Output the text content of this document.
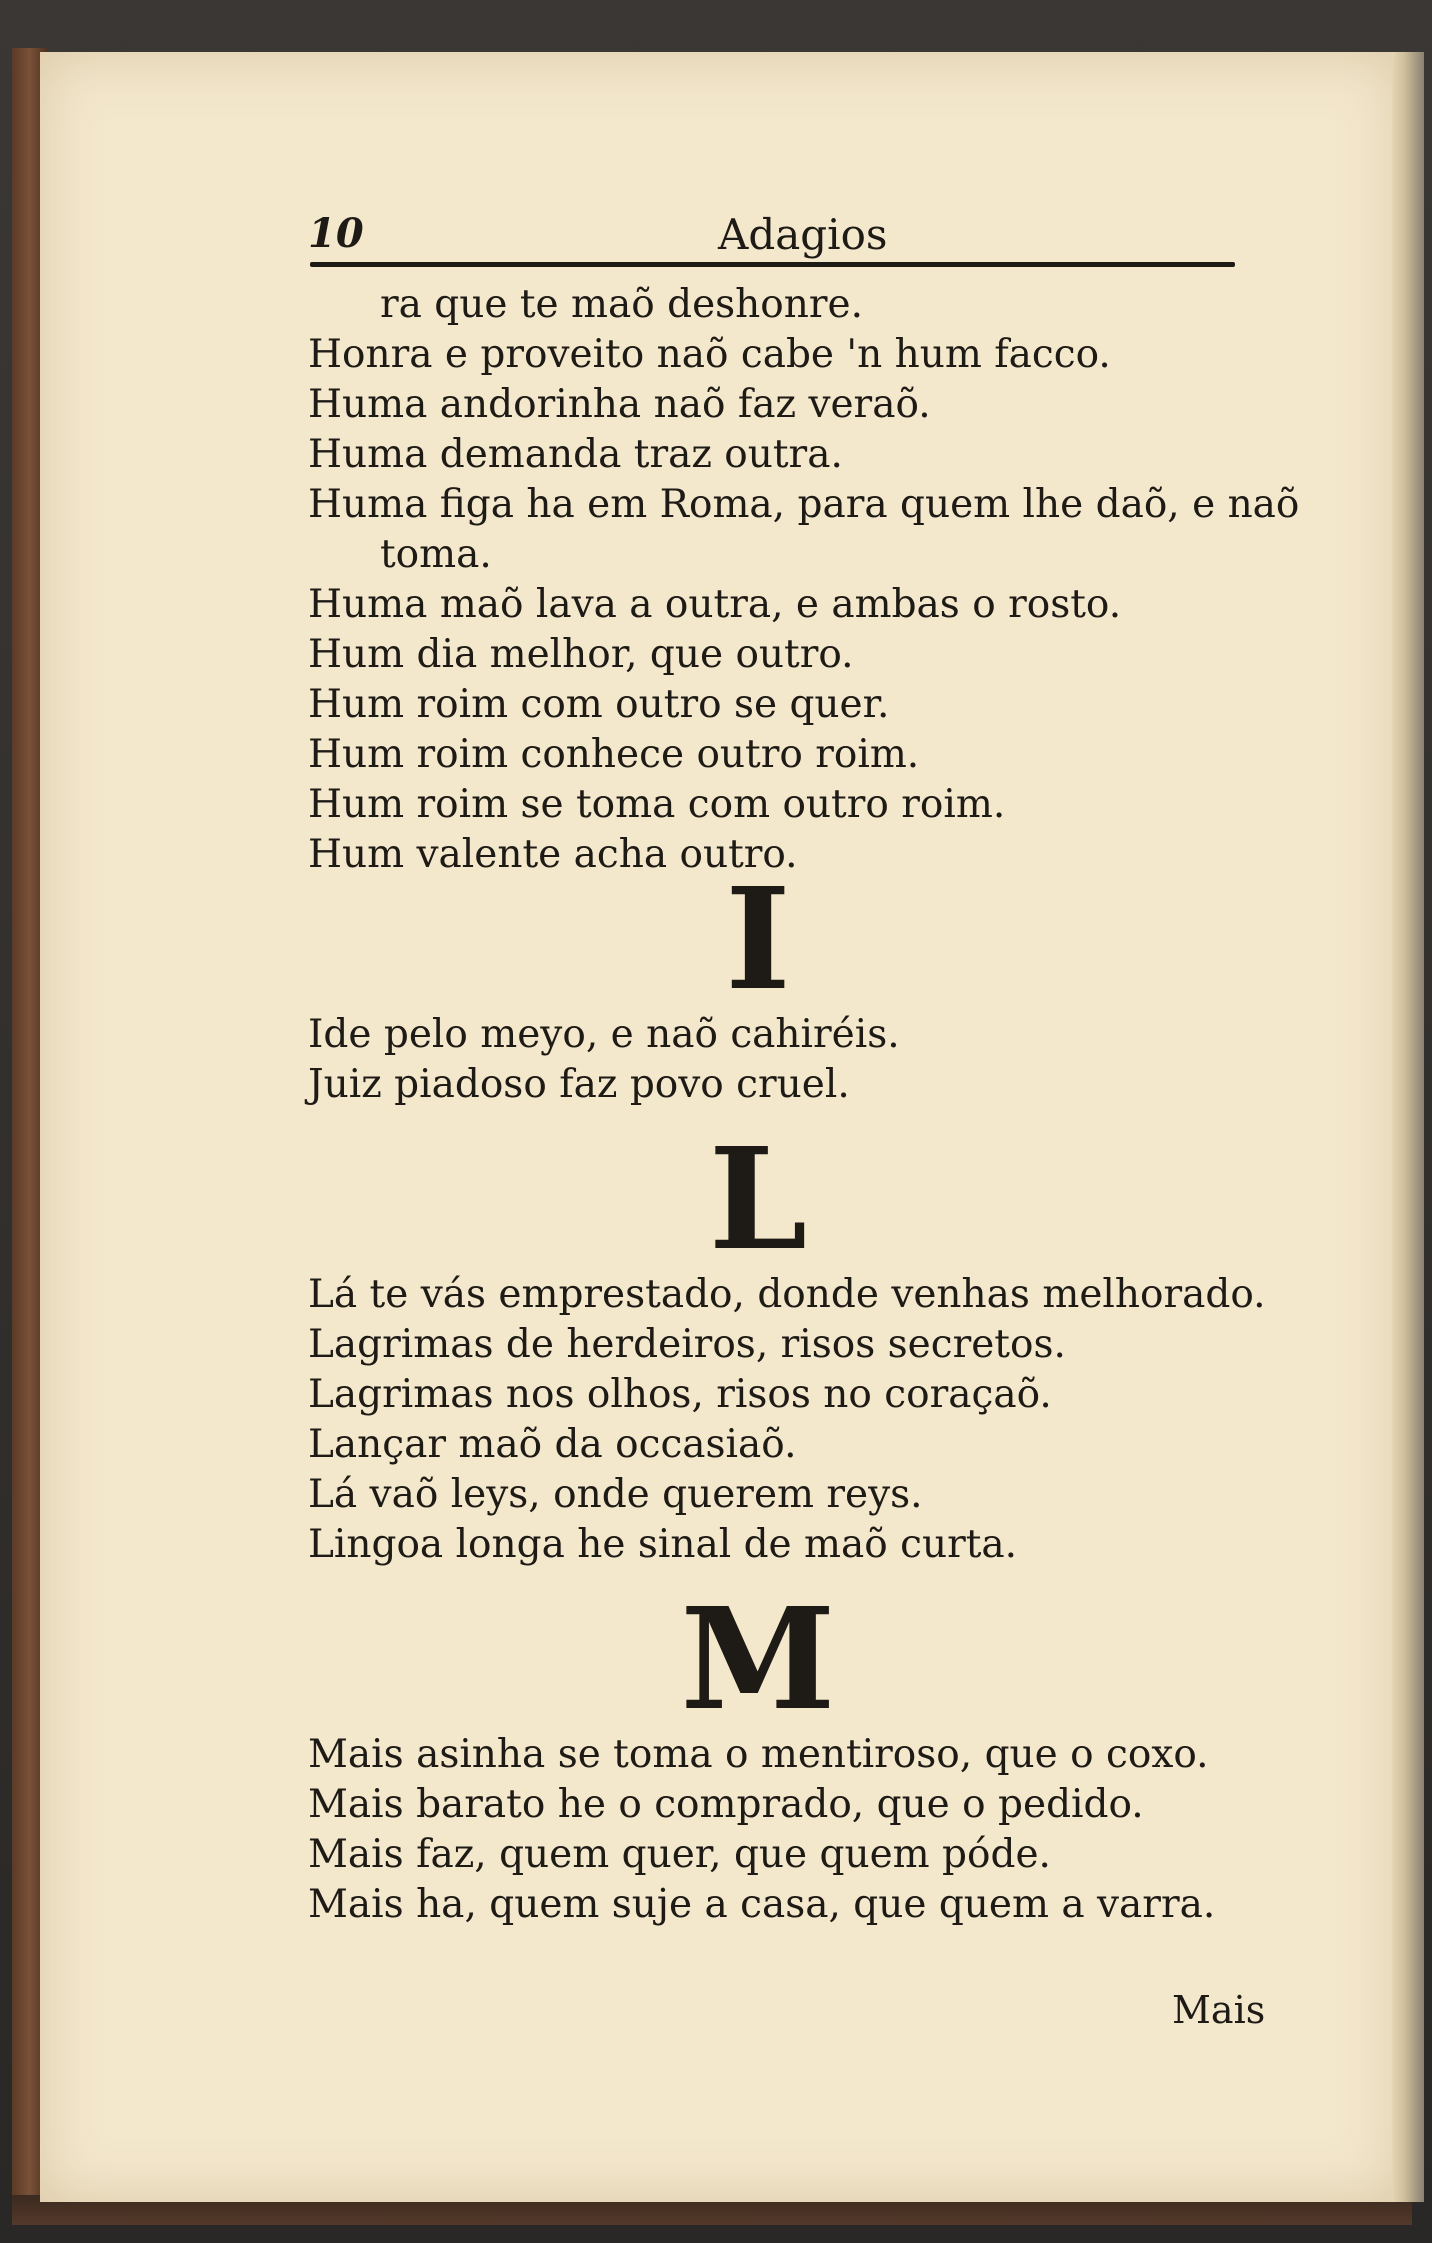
10	Adagios
ra que te maõ deshonre.
Honra e proveito naõ cabe 'n hum facco.
Huma andorinha naõ faz veraõ.
Huma demanda traz outra.
Huma figa ha em Roma, para quem lhe daõ, e naõ
toma.
Huma maõ lava a outra, e ambas o rosto.
Hum dia melhor, que outro.
Hum roim com outro se quer.
Hum roim conhece outro roim.
Hum roim se toma com outro roim.
Hum valente acha outro.
I
Ide pelo meyo, e naõ cahiréis.
Juiz piadoso faz povo cruel.
L
Lá te vás emprestado, donde venhas melhorado.
Lagrimas de herdeiros, risos secretos.
Lagrimas nos olhos, risos no coraçaõ.
Lançar maõ da occasiaõ.
Lá vaõ leys, onde querem reys.
Lingoa longa he sinal de maõ curta.
M
Mais asinha se toma o mentiroso, que o coxo.
Mais barato he o comprado, que o pedido.
Mais faz, quem quer, que quem póde.
Mais ha, quem suje a casa, que quem a varra.
Mais
